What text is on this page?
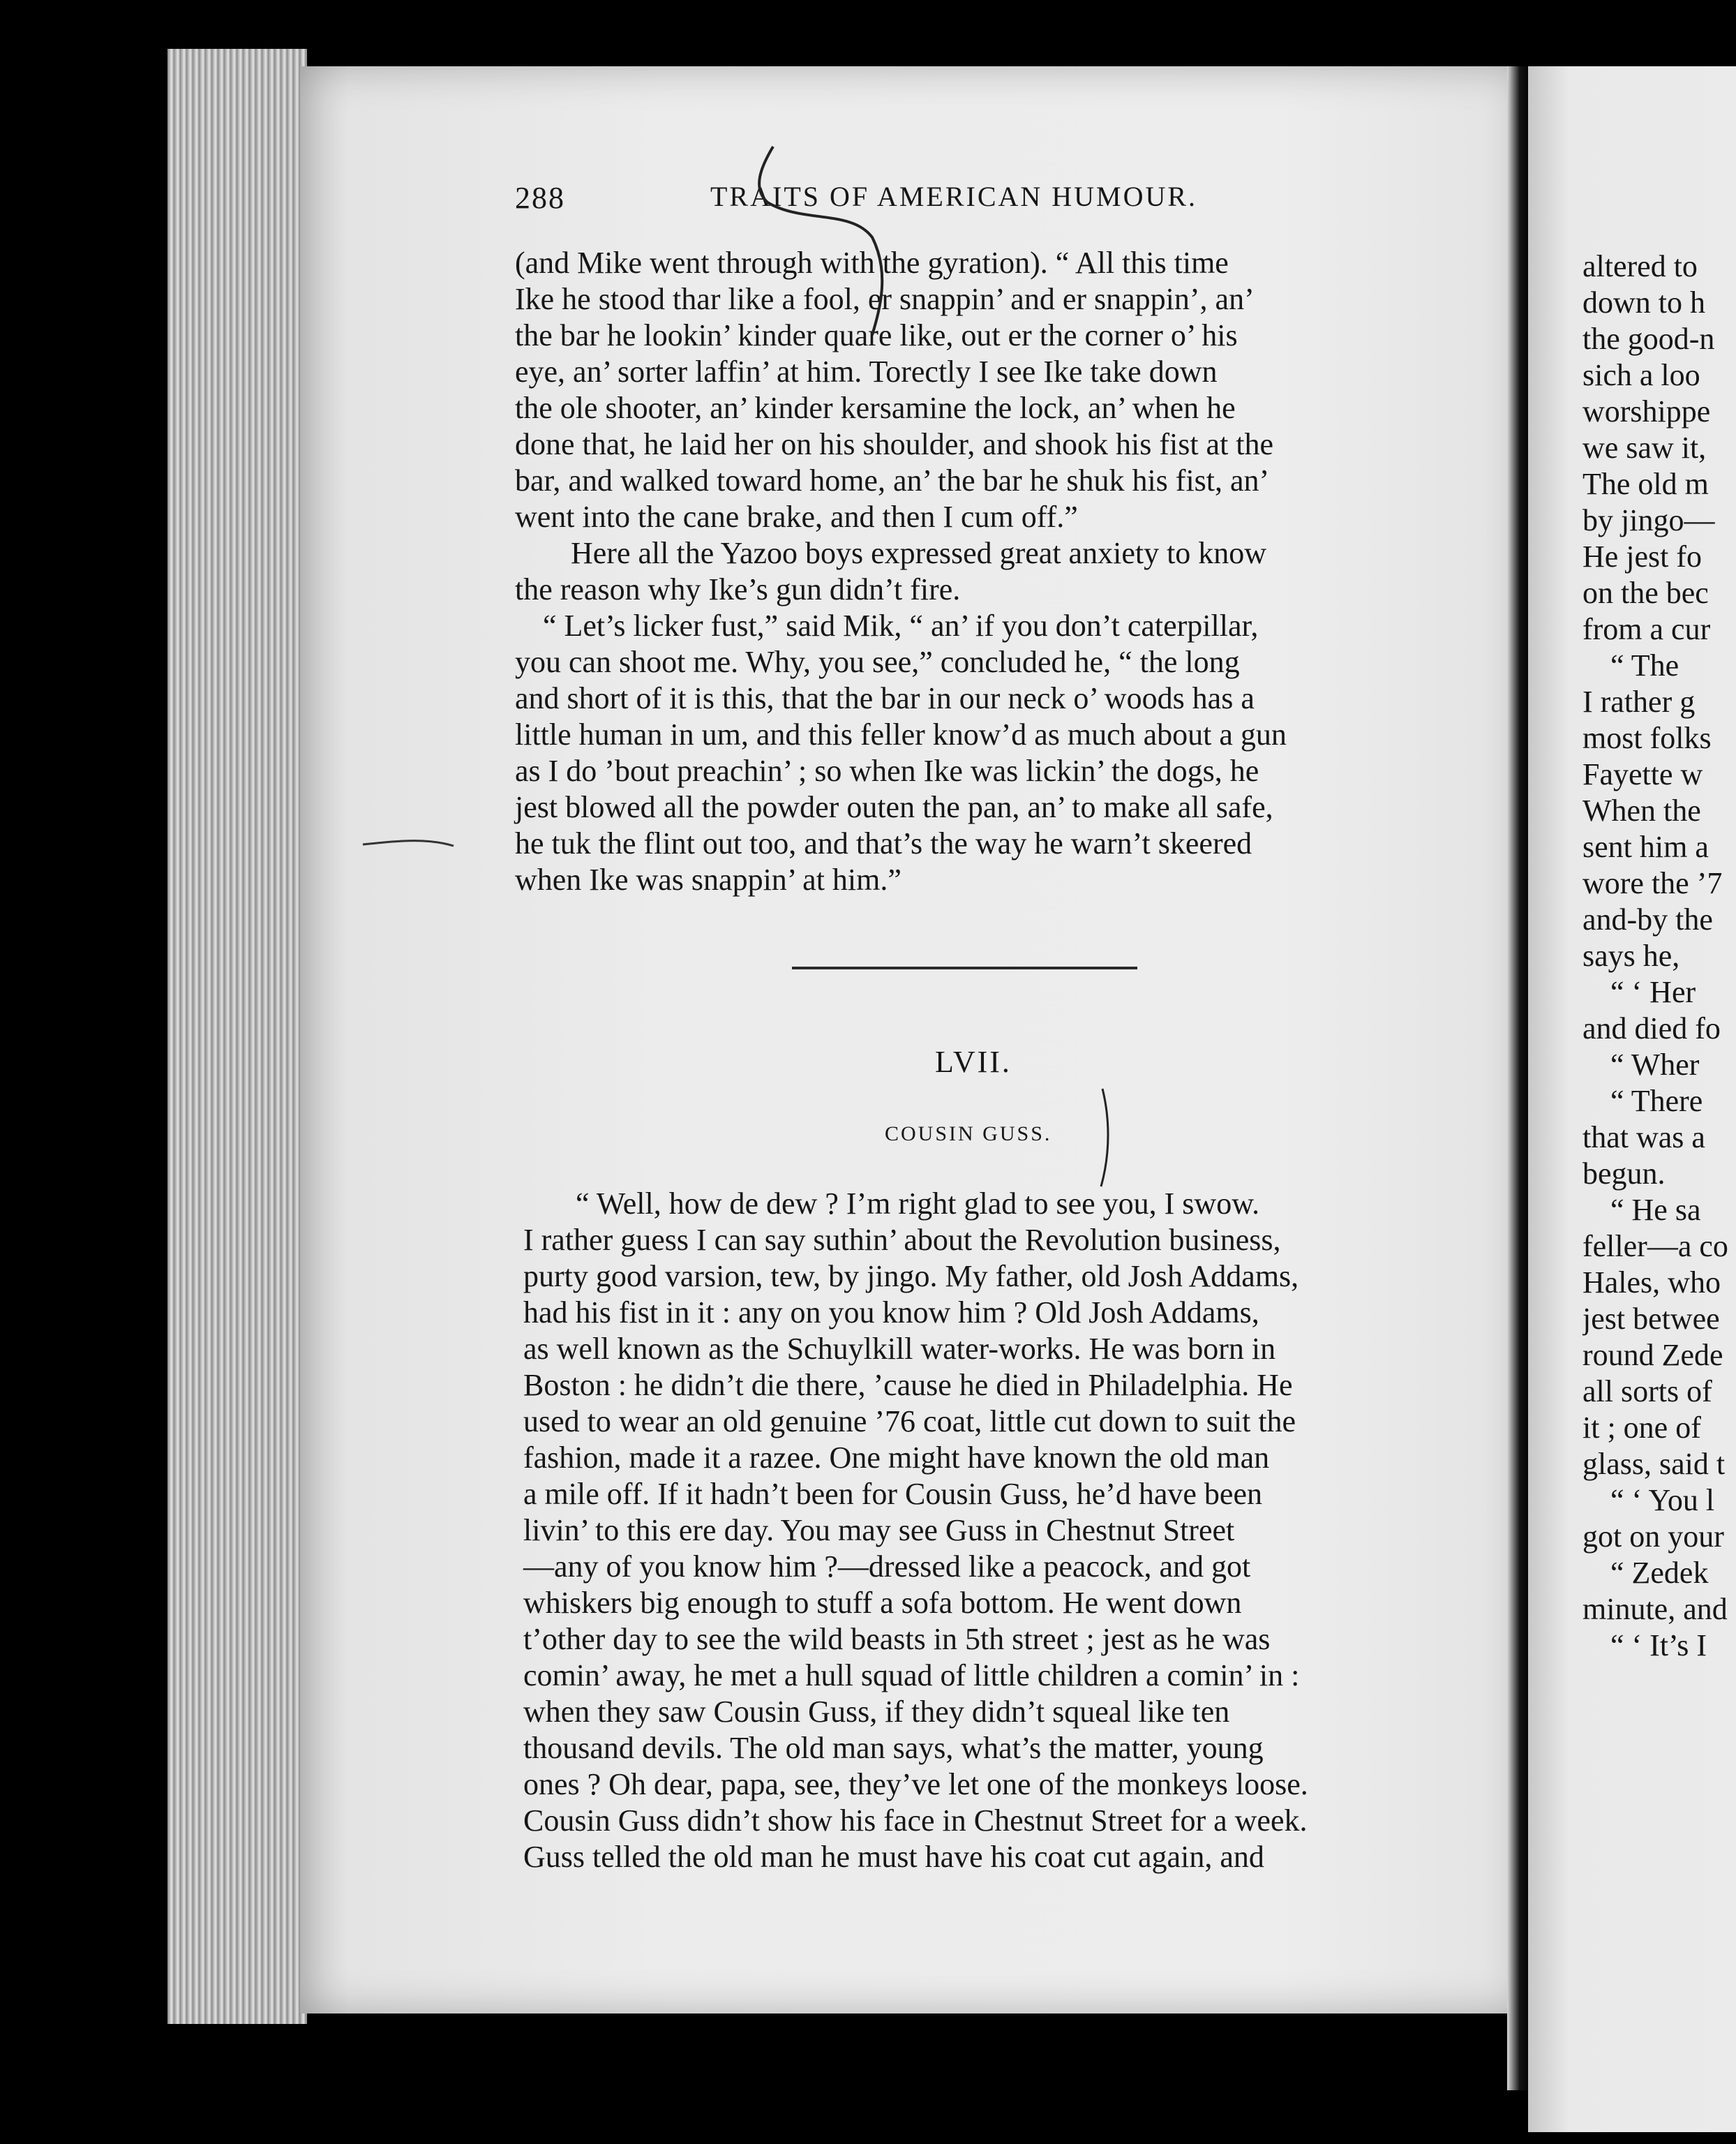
288	TRAITS OF AMERICAN HUMOUR.
(and Mike went through with the gyration). “ All this time
Ike he stood thar like a fool, er snappin’ and er snappin’, an’
the bar he lookin’ kinder quare like, out er the corner o’ his
eye, an’ sorter laffin’ at him. Torectly I see Ike take down
the ole shooter, an’ kinder kersamine the lock, an’ when he
done that, he laid her on his shoulder, and shook his fist at the
bar, and walked toward home, an’ the bar he shuk his fist, an’
went into the cane brake, and then I cum off.”
Here all the Yazoo boys expressed great anxiety to know
the reason why Ike’s gun didn’t fire.
“ Let’s licker fust,” said Mik, “ an’ if you don’t caterpillar,
you can shoot me. Why, you see,” concluded he, “ the long
and short of it is this, that the bar in our neck o’ woods has a
little human in um, and this feller know’d as much about a gun
as I do ’bout preachin’ ; so when Ike was lickin’ the dogs, he
jest blowed all the powder outen the pan, an’ to make all safe,
he tuk the flint out too, and that’s the way he warn’t skeered
when Ike was snappin’ at him.”
LVII.
COUSIN GUSS.
“ Well, how de dew ? I’m right glad to see you, I swow.
I rather guess I can say suthin’ about the Revolution business,
purty good varsion, tew, by jingo. My father, old Josh Addams,
had his fist in it : any on you know him ? Old Josh Addams,
as well known as the Schuylkill water-works. He was born in
Boston : he didn’t die there, ’cause he died in Philadelphia. He
used to wear an old genuine ’76 coat, little cut down to suit the
fashion, made it a razee. One might have known the old man
a mile off. If it hadn’t been for Cousin Guss, he’d have been
livin’ to this ere day. You may see Guss in Chestnut Street
—any of you know him ?—dressed like a peacock, and got
whiskers big enough to stuff a sofa bottom. He went down
t’other day to see the wild beasts in 5th street ; jest as he was
comin’ away, he met a hull squad of little children a comin’ in :
when they saw Cousin Guss, if they didn’t squeal like ten
thousand devils. The old man says, what’s the matter, young
ones ? Oh dear, papa, see, they’ve let one of the monkeys loose.
Cousin Guss didn’t show his face in Chestnut Street for a week.
Guss telled the old man he must have his coat cut again, and
altered to
down to h
the good-n
sich a loo
worshippe
we saw it,
The old m
by jingo—
He jest fo
on the bec
from a cur
“ The
I rather g
most folks
Fayette w
When the
sent him a
wore the ’7
and-by the
says he,
“ ‘ Her
and died fo
“ Wher
“ There
that was a
begun.
“ He sa
feller—a co
Hales, who
jest betwee
round Zede
all sorts of
it ; one of
glass, said t
“ ‘ You l
got on your
“ Zedek
minute, and
“ ‘ It’s I
